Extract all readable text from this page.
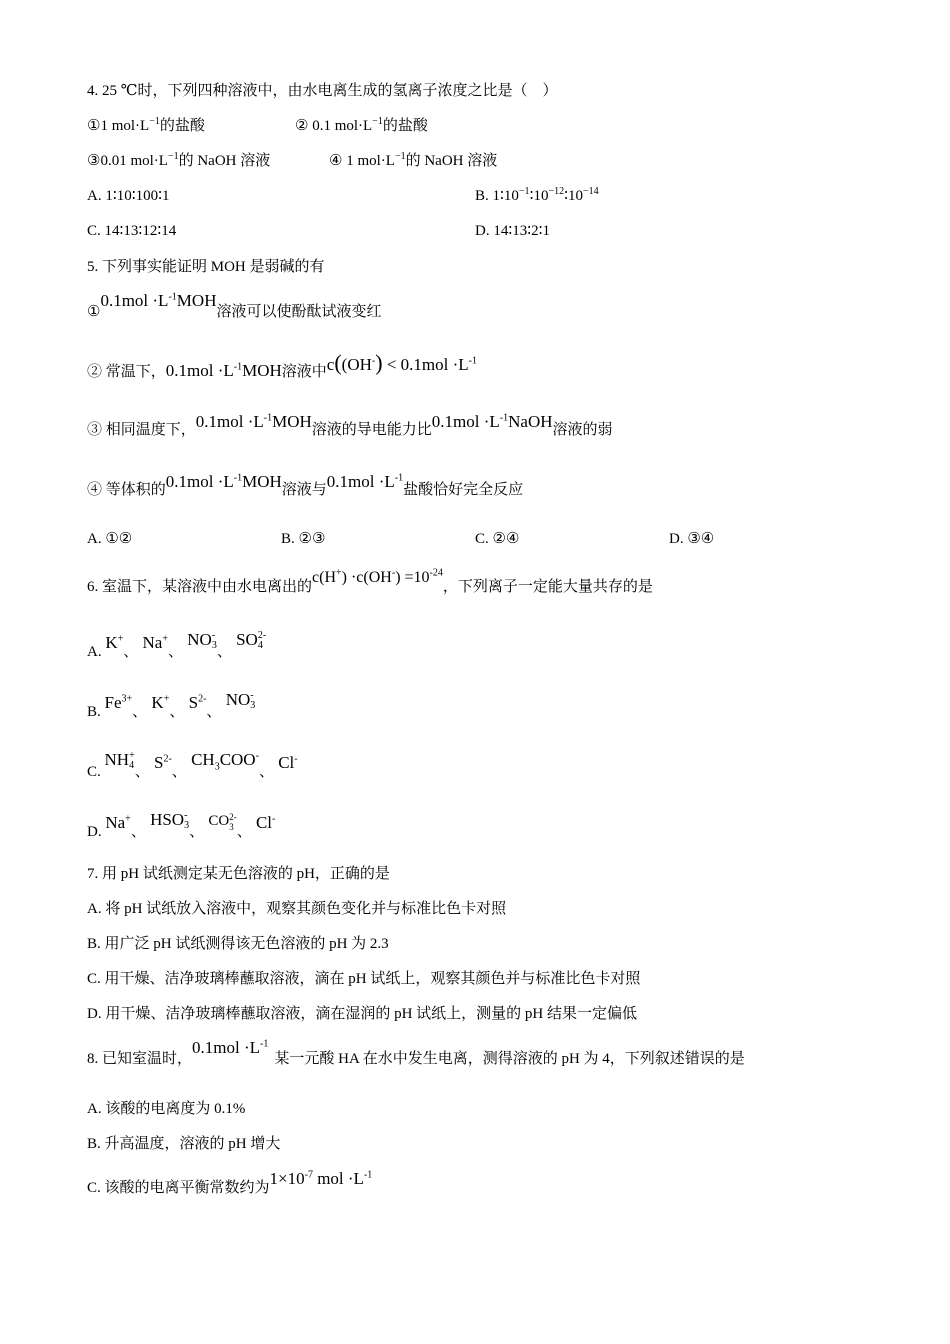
4. 25 ℃时，下列四种溶液中，由水电离生成的氢离子浓度之比是（　）
①1 $mol\cdot L^{-1}$的盐酸	② 0.1 $mol\cdot L^{-1}$的盐酸
③0.01 $mol\cdot L^{-1}$的 NaOH 溶液	④ 1 $mol\cdot L^{-1}$的 NaOH 溶液
A. 1∶10∶100∶1	B. $1∶10^{-1}∶10^{-12}∶10^{-14}$
C. 14∶13∶12∶14	D. 14∶13∶2∶1
5. 下列事实能证明 MOH 是弱碱的有
①0.1mol $\cdot L^{-1}MOH$溶液可以使酚酞试液变红
② 常温下，$0.1mol \cdot L^{-1}MOH$溶液中$c((OH^-) < 0.1mol \cdot L^{-1}$
③ 相同温度下，$0.1mol \cdot L^{-1}MOH$溶液的导电能力比$0.1mol \cdot L^{-1}NaOH$溶液的弱
④ 等体积的$0.1mol \cdot L^{-1}MOH$溶液与$0.1mol \cdot L^{-1}$盐酸恰好完全反应
A. ①②	B. ②③	C. ②④	D. ③④
6. 室温下，某溶液中由水电离出的$c(H^+) \cdot c(OH^-) =10^{-24}$，下列离子一定能大量共存的是
A. K+、 Na+、 NO -
3 、 SO 2-
4
B. $Fe^{3+}$、 K+、 $S^{2-}$、 NO -
3
C. NH +
4 、 $S^{2-}$、 $CH_3COO^-$、 Cl-
D. Na+、 HSO -
3 、 CO 2-
3 、 Cl-
7. 用 pH 试纸测定某无色溶液的 pH，正确的是
A. 将 pH 试纸放入溶液中，观察其颜色变化并与标准比色卡对照
B. 用广泛 pH 试纸测得该无色溶液的 pH 为 2.3
C. 用干燥、洁净玻璃棒蘸取溶液，滴在 pH 试纸上，观察其颜色并与标准比色卡对照
D. 用干燥、洁净玻璃棒蘸取溶液，滴在湿润的 pH 试纸上，测量的 pH 结果一定偏低
8. 已知室温时，$0.1mol \cdot L^{-1}$某一元酸 HA 在水中发生电离，测得溶液的 pH 为 4，下列叙述错误的是
A. 该酸的电离度为 0.1%
B. 升高温度，溶液的 pH 增大
C. 该酸的电离平衡常数约为$1\times 10^{-7}$ mol $\cdot L^{-1}$
